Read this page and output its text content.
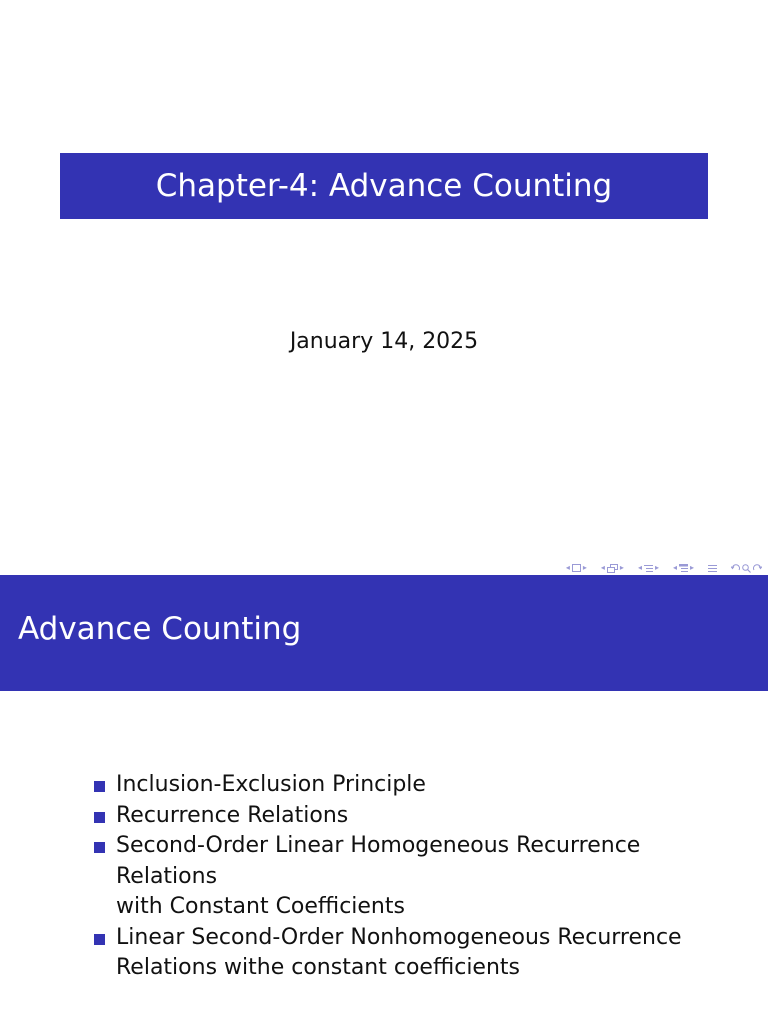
Chapter-4: Advance Counting
January 14, 2025
◂ ▸ ◂ ▸ ◂ ▸ ◂ ▸
Advance Counting
Inclusion-Exclusion Principle
Recurrence Relations
Second-Order Linear Homogeneous Recurrence Relations
with Constant Coefficients
Linear Second-Order Nonhomogeneous Recurrence
Relations withe constant coefficients
